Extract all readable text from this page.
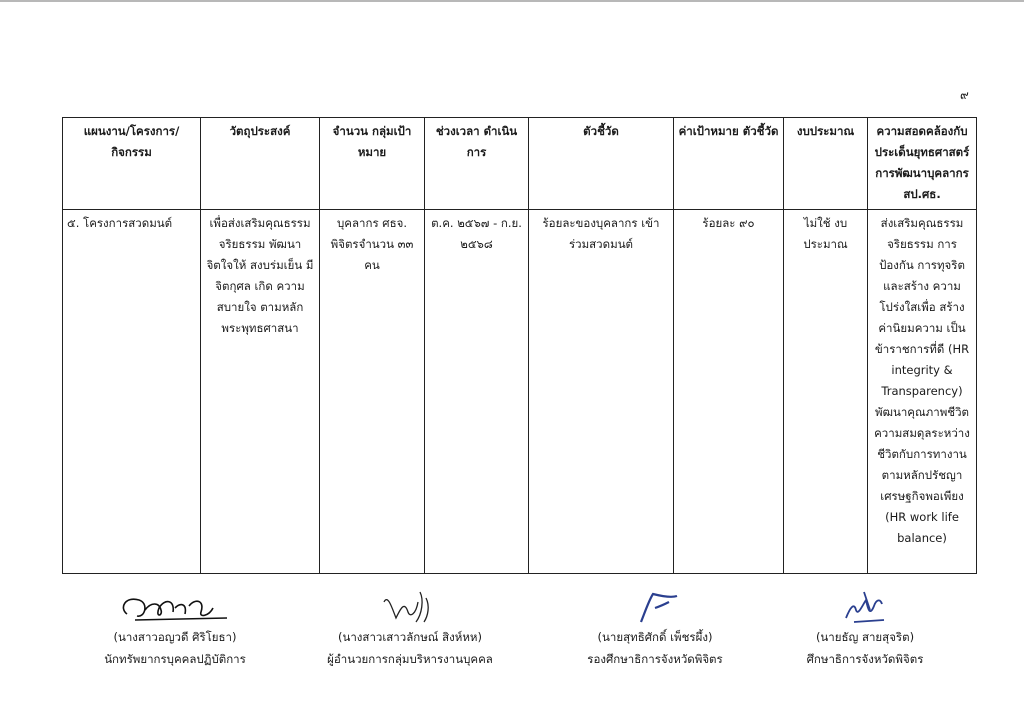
๙
แผนงาน/โครงการ/ กิจกรรม	วัตถุประสงค์	จำนวน กลุ่มเป้าหมาย	ช่วงเวลา ดำเนินการ	ตัวชี้วัด	ค่าเป้าหมาย ตัวชี้วัด	งบประมาณ	ความสอดคล้องกับ ประเด็นยุทธศาสตร์ การพัฒนาบุคลากร สป.ศธ.
๕. โครงการสวดมนต์	เพื่อส่งเสริมคุณธรรม จริยธรรม พัฒนา จิตใจให้ สงบร่มเย็น มีจิตกุศล เกิด ความ สบายใจ ตามหลัก พระพุทธศาสนา	บุคลากร ศธจ. พิจิตรจำนวน ๓๓ คน	ต.ค. ๒๕๖๗ - ก.ย. ๒๕๖๘	ร้อยละของบุคลากร เข้าร่วมสวดมนต์	ร้อยละ ๙๐	ไม่ใช้ งบประมาณ	ส่งเสริมคุณธรรม จริยธรรม การ ป้องกัน การทุจริต และสร้าง ความ โปร่งใสเพื่อ สร้าง ค่านิยมความ เป็น ข้าราชการที่ดี (HR integrity & Transparency) พัฒนาคุณภาพชีวิต ความสมดุลระหว่าง ชีวิตกับการทางาน ตามหลักปรัชญา เศรษฐกิจพอเพียง (HR work life balance)
(นางสาวอญวดี ศิริโยธา)
นักทรัพยากรบุคคลปฏิบัติการ
(นางสาวเสาวลักษณ์ สิงห์หห)
ผู้อำนวยการกลุ่มบริหารงานบุคคล
(นายสุทธิศักดิ์ เพ็ชรผึ้ง)
รองศึกษาธิการจังหวัดพิจิตร
(นายธัญ สายสุจริต)
ศึกษาธิการจังหวัดพิจิตร
